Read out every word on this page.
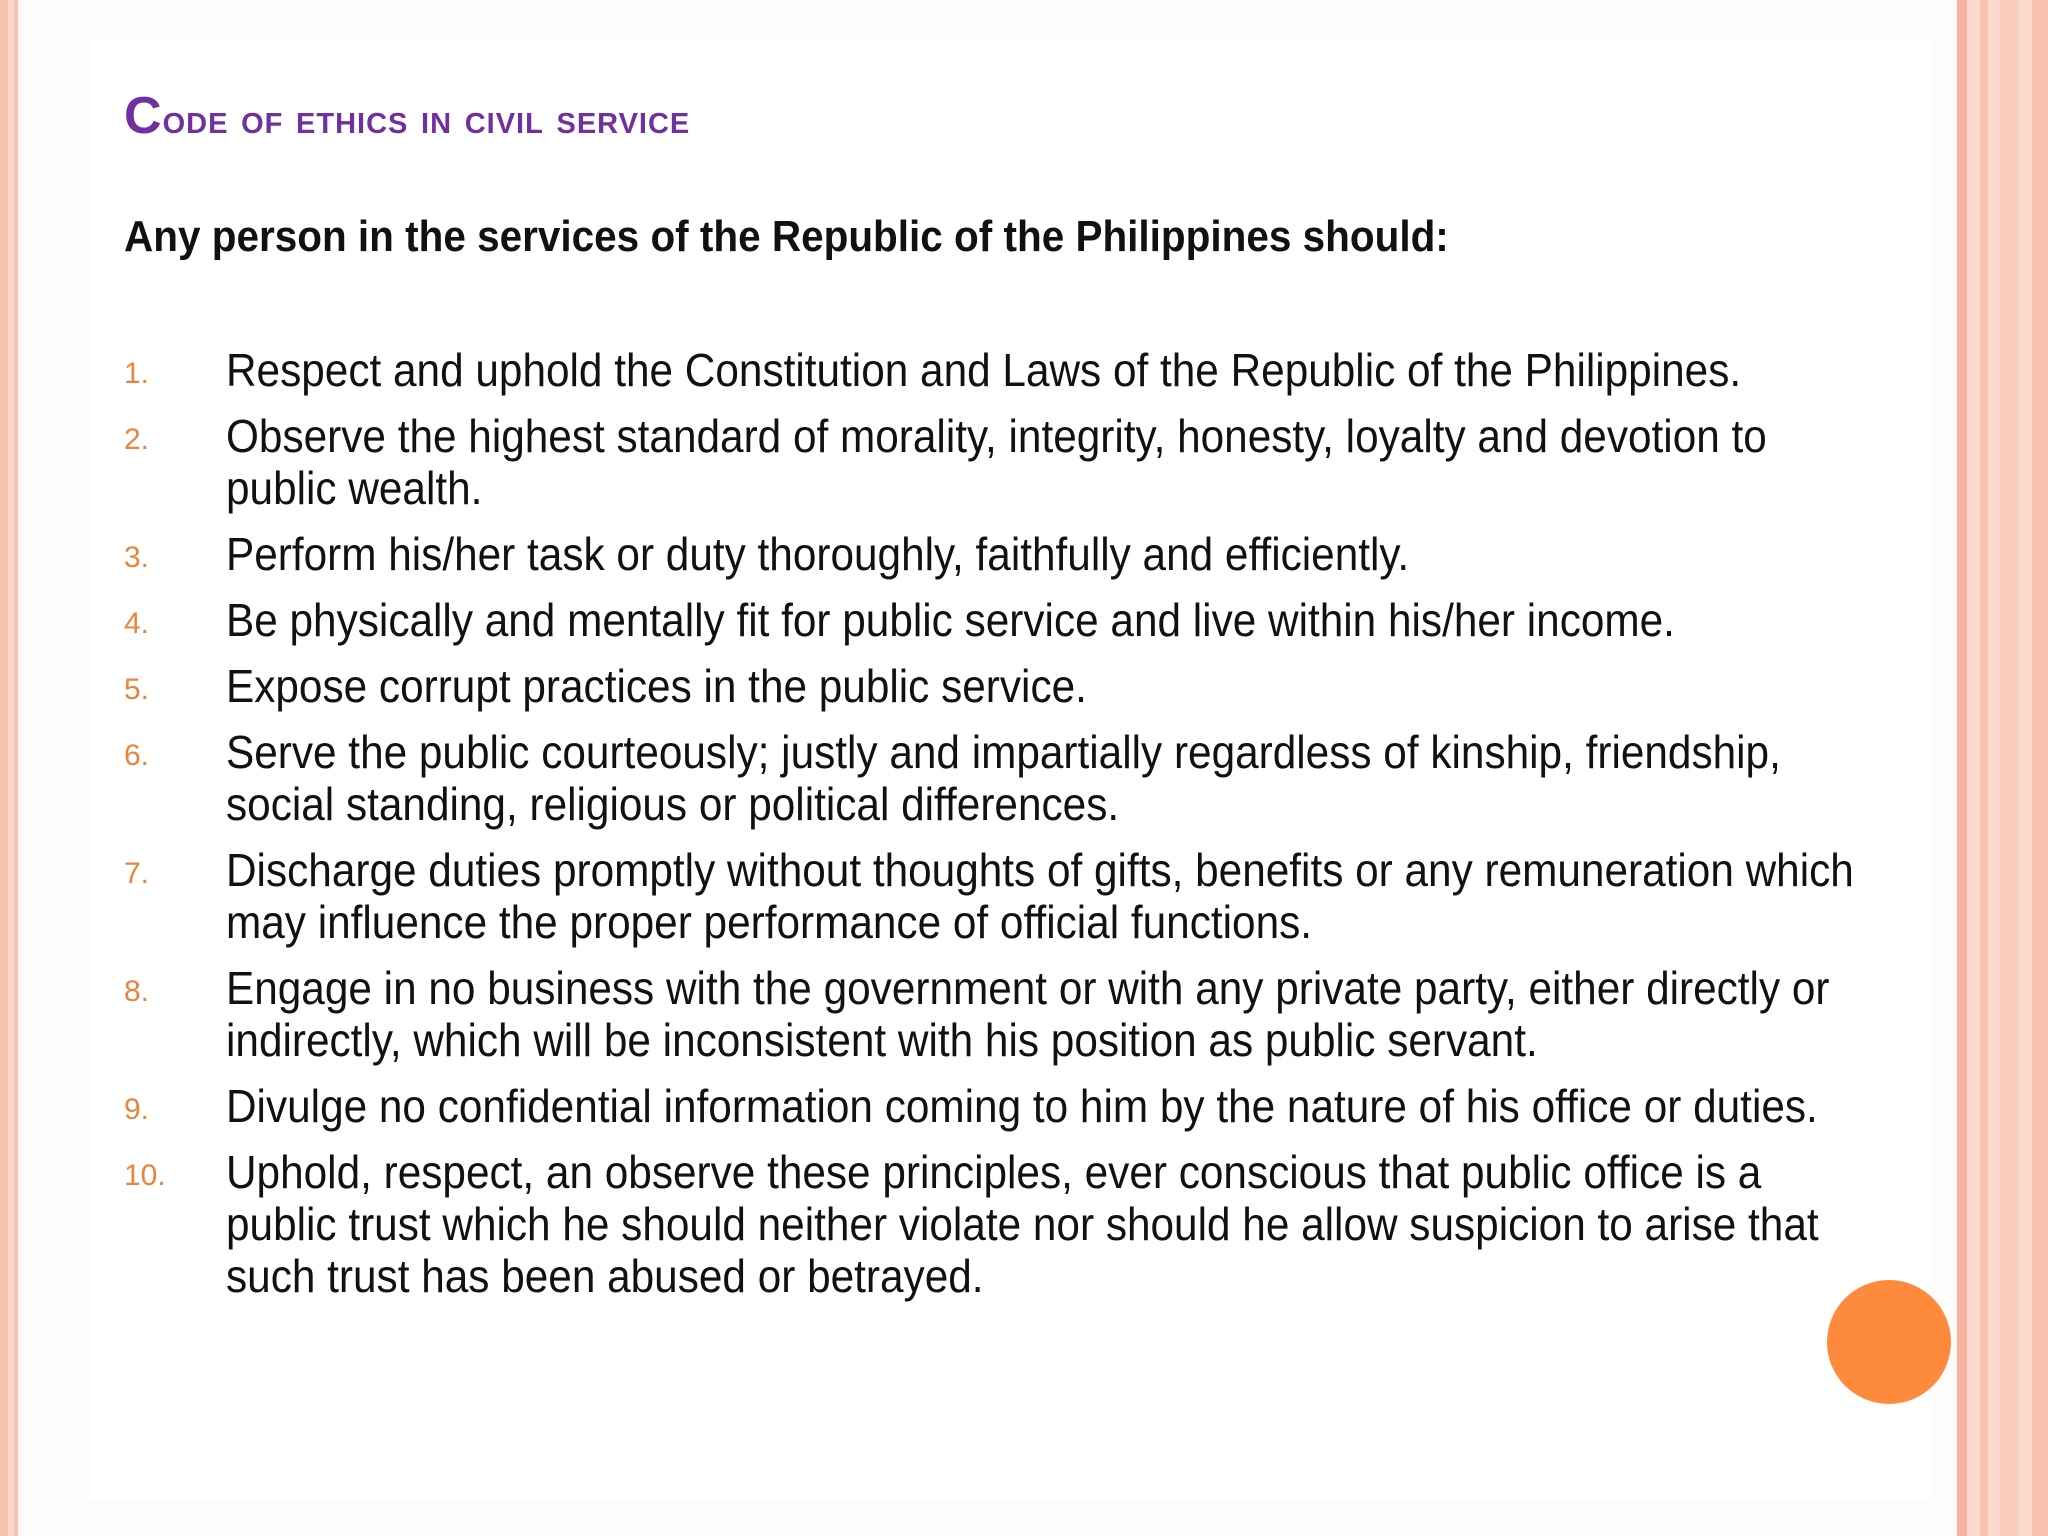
Code of ethics in civil service

Any person in the services of the Republic of the Philippines should:

1. Respect and uphold the Constitution and Laws of the Republic of the Philippines.
2. Observe the highest standard of morality, integrity, honesty, loyalty and devotion to public wealth.
3. Perform his/her task or duty thoroughly, faithfully and efficiently.
4. Be physically and mentally fit for public service and live within his/her income.
5. Expose corrupt practices in the public service.
6. Serve the public courteously; justly and impartially regardless of kinship, friendship, social standing, religious or political differences.
7. Discharge duties promptly without thoughts of gifts, benefits or any remuneration which may influence the proper performance of official functions.
8. Engage in no business with the government or with any private party, either directly or indirectly, which will be inconsistent with his position as public servant.
9. Divulge no confidential information coming to him by the nature of his office or duties.
10. Uphold, respect, an observe these principles, ever conscious that public office is a public trust which he should neither violate nor should he allow suspicion to arise that such trust has been abused or betrayed.
